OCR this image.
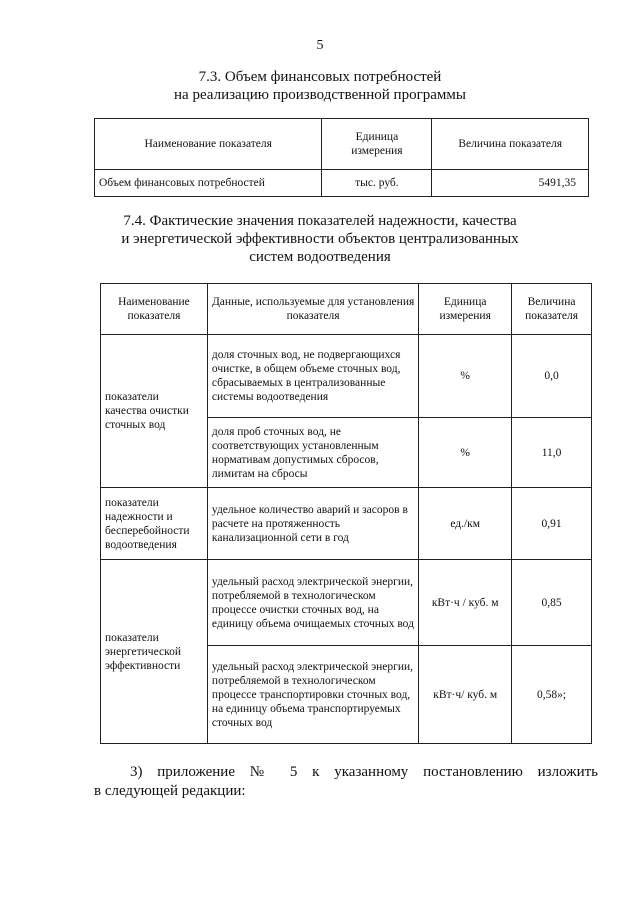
5
7.3. Объем финансовых потребностей
на реализацию производственной программы
Наименование показателя	Единица измерения	Величина показателя
Объем финансовых потребностей	тыс. руб.	5491,35
7.4. Фактические значения показателей надежности, качества
и энергетической эффективности объектов централизованных
систем водоотведения
Наименование показателя	Данные, используемые для установления показателя	Единица измерения	Величина показателя
показатели качества очистки сточных вод	доля сточных вод, не подвергающихся очистке, в общем объеме сточных вод, сбрасываемых в централизованные системы водоотведения	%	0,0
	доля проб сточных вод, не соответствующих установленным нормативам допустимых сбросов, лимитам на сбросы	%	11,0
показатели надежности и бесперебойности водоотведения	удельное количество аварий и засоров в расчете на протяженность канализационной сети в год	ед./км	0,91
показатели энергетической эффективности	удельный расход электрической энергии, потребляемой в технологическом процессе очистки сточных вод, на единицу объема очищаемых сточных вод	кВт·ч / куб. м	0,85
	удельный расход электрической энергии, потребляемой в технологическом процессе транспортировки сточных вод, на единицу объема транспортируемых сточных вод	кВт·ч/ куб. м	0,58»;
3) приложение № 5 к указанному постановлению изложить
в следующей редакции:
